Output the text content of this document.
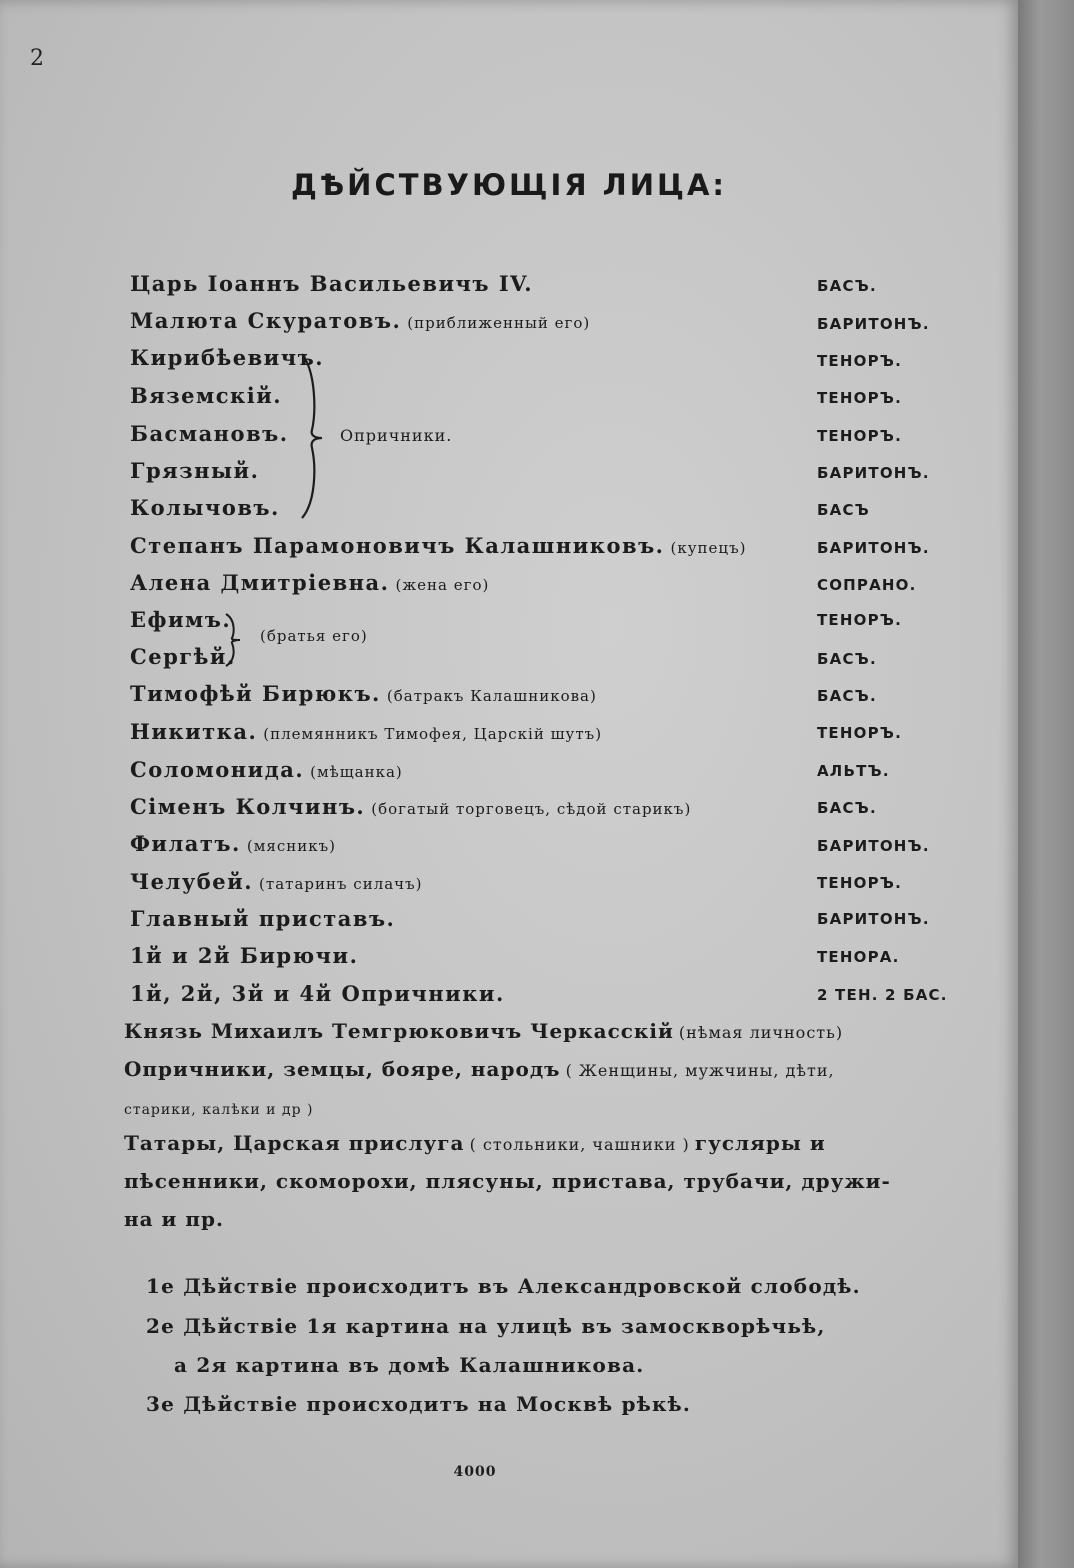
2
ДѢЙСТВУЮЩІЯ ЛИЦА:
Царь Іоаннъ Васильевичъ IV.	БАСЪ.
Малюта Скуратовъ. (приближенный его)	БАРИТОНЪ.
Кирибѣевичъ.	ТЕНОРЪ.
Вяземскій.	ТЕНОРЪ.
Басмановъ.	ТЕНОРЪ.
Грязный.	БАРИТОНЪ.
Колычовъ.	БАСЪ
Опричники.
Степанъ Парамоновичъ Калашниковъ. (купецъ)	БАРИТОНЪ.
Алена Дмитріевна. (жена его)	СОПРАНО.
Ефимъ.	ТЕНОРЪ.
Сергѣй.	БАСЪ.
(братья его)
Тимофѣй Бирюкъ. (батракъ Калашникова)	БАСЪ.
Никитка. (племянникъ Тимофея, Царскій шутъ)	ТЕНОРЪ.
Соломонида. (мѣщанка)	АЛЬТЪ.
Сіменъ Колчинъ. (богатый торговецъ, сѣдой старикъ)	БАСЪ.
Филатъ. (мясникъ)	БАРИТОНЪ.
Челубей. (татаринъ силачъ)	ТЕНОРЪ.
Главный приставъ.	БАРИТОНЪ.
1й и 2й Бирючи.	ТЕНОРА.
1й, 2й, 3й и 4й Опричники.	2 ТЕН. 2 БАС.
Князь Михаилъ Темгрюковичъ Черкасскій (нѣмая личность)
Опричники, земцы, бояре, народъ ( Женщины, мужчины, дѣти,
старики, калѣки и др )
Татары, Царская прислуга ( стольники, чашники ) гусляры и
пѣсенники, скоморохи, плясуны, пристава, трубачи, дружи-
на и пр.
1е Дѣйствіе происходитъ въ Александровской слободѣ.
2е Дѣйствіе 1я картина на улицѣ въ замоскворѣчьѣ,
а 2я картина въ домѣ Калашникова.
3е Дѣйствіе происходитъ на Москвѣ рѣкѣ.
4000
